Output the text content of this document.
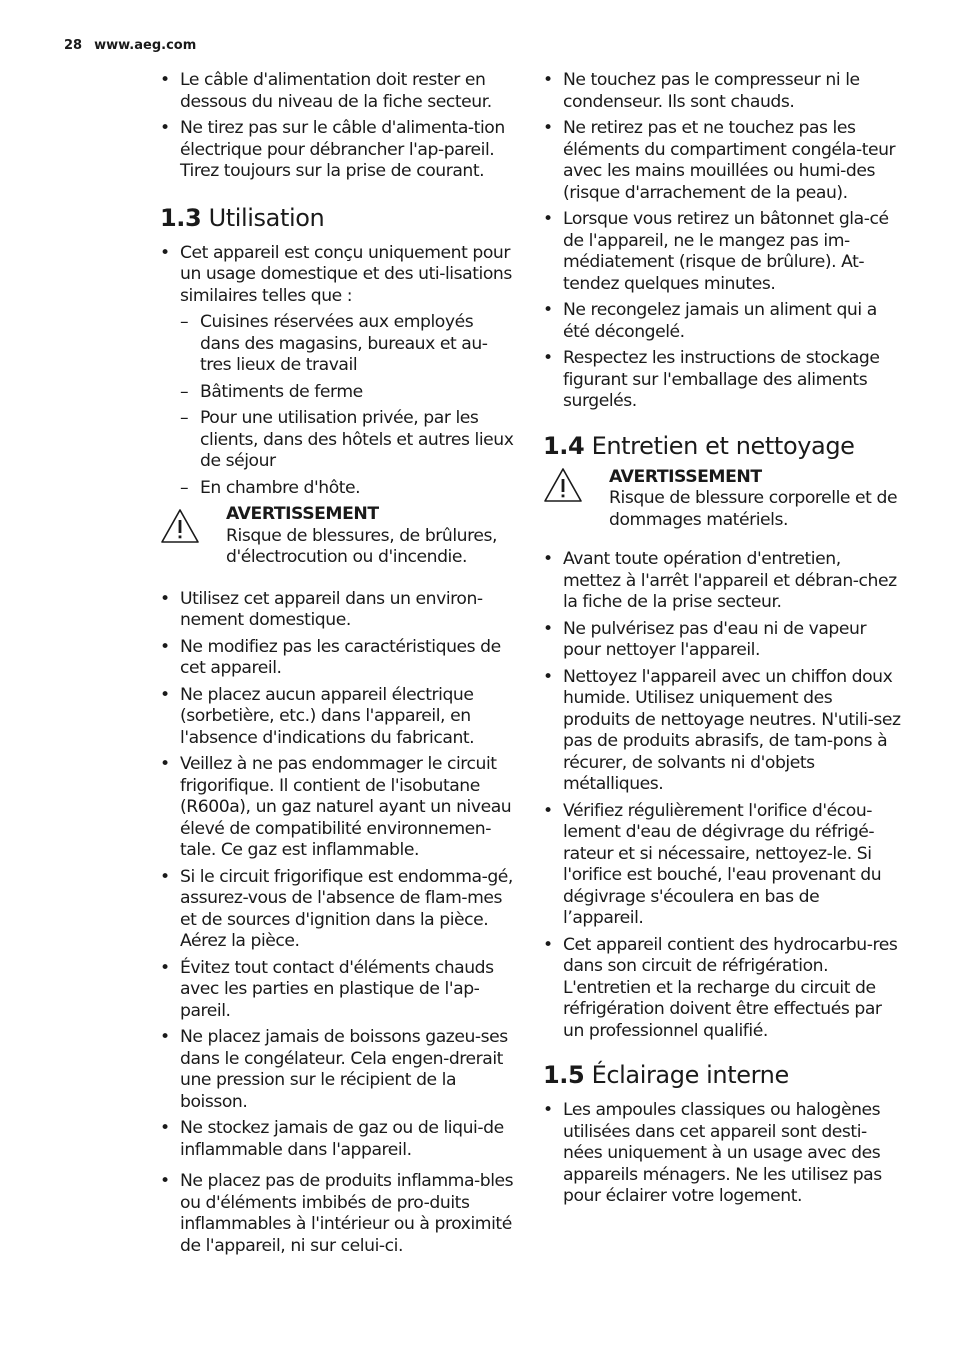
28 www.aeg.com
• Le câble d'alimentation doit rester en dessous du niveau de la fiche secteur.
• Ne tirez pas sur le câble d'alimenta-tion électrique pour débrancher l'ap-pareil. Tirez toujours sur la prise de courant.
1.3 Utilisation
• Cet appareil est conçu uniquement pour un usage domestique et des uti-lisations similaires telles que :
– Cuisines réservées aux employés dans des magasins, bureaux et au-tres lieux de travail
– Bâtiments de ferme
– Pour une utilisation privée, par les clients, dans des hôtels et autres lieux de séjour
– En chambre d'hôte.
AVERTISSEMENT
Risque de blessures, de brûlures, d'électrocution ou d'incendie.
• Utilisez cet appareil dans un environ-nement domestique.
• Ne modifiez pas les caractéristiques de cet appareil.
• Ne placez aucun appareil électrique (sorbetière, etc.) dans l'appareil, en l'absence d'indications du fabricant.
• Veillez à ne pas endommager le circuit frigorifique. Il contient de l'isobutane (R600a), un gaz naturel ayant un niveau élevé de compatibilité environnemen-tale. Ce gaz est inflammable.
• Si le circuit frigorifique est endomma-gé, assurez-vous de l'absence de flam-mes et de sources d'ignition dans la pièce. Aérez la pièce.
• Évitez tout contact d'éléments chauds avec les parties en plastique de l'ap-pareil.
• Ne placez jamais de boissons gazeu-ses dans le congélateur. Cela engen-drerait une pression sur le récipient de la boisson.
• Ne stockez jamais de gaz ou de liqui-de inflammable dans l'appareil.
• Ne placez pas de produits inflamma-bles ou d'éléments imbibés de pro-duits inflammables à l'intérieur ou à proximité de l'appareil, ni sur celui-ci.
• Ne touchez pas le compresseur ni le condenseur. Ils sont chauds.
• Ne retirez pas et ne touchez pas les éléments du compartiment congéla-teur avec les mains mouillées ou humi-des (risque d'arrachement de la peau).
• Lorsque vous retirez un bâtonnet gla-cé de l'appareil, ne le mangez pas im-médiatement (risque de brûlure). At-tendez quelques minutes.
• Ne recongelez jamais un aliment qui a été décongelé.
• Respectez les instructions de stockage figurant sur l'emballage des aliments surgelés.
1.4 Entretien et nettoyage
AVERTISSEMENT
Risque de blessure corporelle et de dommages matériels.
• Avant toute opération d'entretien, mettez à l'arrêt l'appareil et débran-chez la fiche de la prise secteur.
• Ne pulvérisez pas d'eau ni de vapeur pour nettoyer l'appareil.
• Nettoyez l'appareil avec un chiffon doux humide. Utilisez uniquement des produits de nettoyage neutres. N'utili-sez pas de produits abrasifs, de tam-pons à récurer, de solvants ni d'objets métalliques.
• Vérifiez régulièrement l'orifice d'écou-lement d'eau de dégivrage du réfrigé-rateur et si nécessaire, nettoyez-le. Si l'orifice est bouché, l'eau provenant du dégivrage s'écoulera en bas de l’appareil.
• Cet appareil contient des hydrocarbu-res dans son circuit de réfrigération. L'entretien et la recharge du circuit de réfrigération doivent être effectués par un professionnel qualifié.
1.5 Éclairage interne
• Les ampoules classiques ou halogènes utilisées dans cet appareil sont desti-nées uniquement à un usage avec des appareils ménagers. Ne les utilisez pas pour éclairer votre logement.
